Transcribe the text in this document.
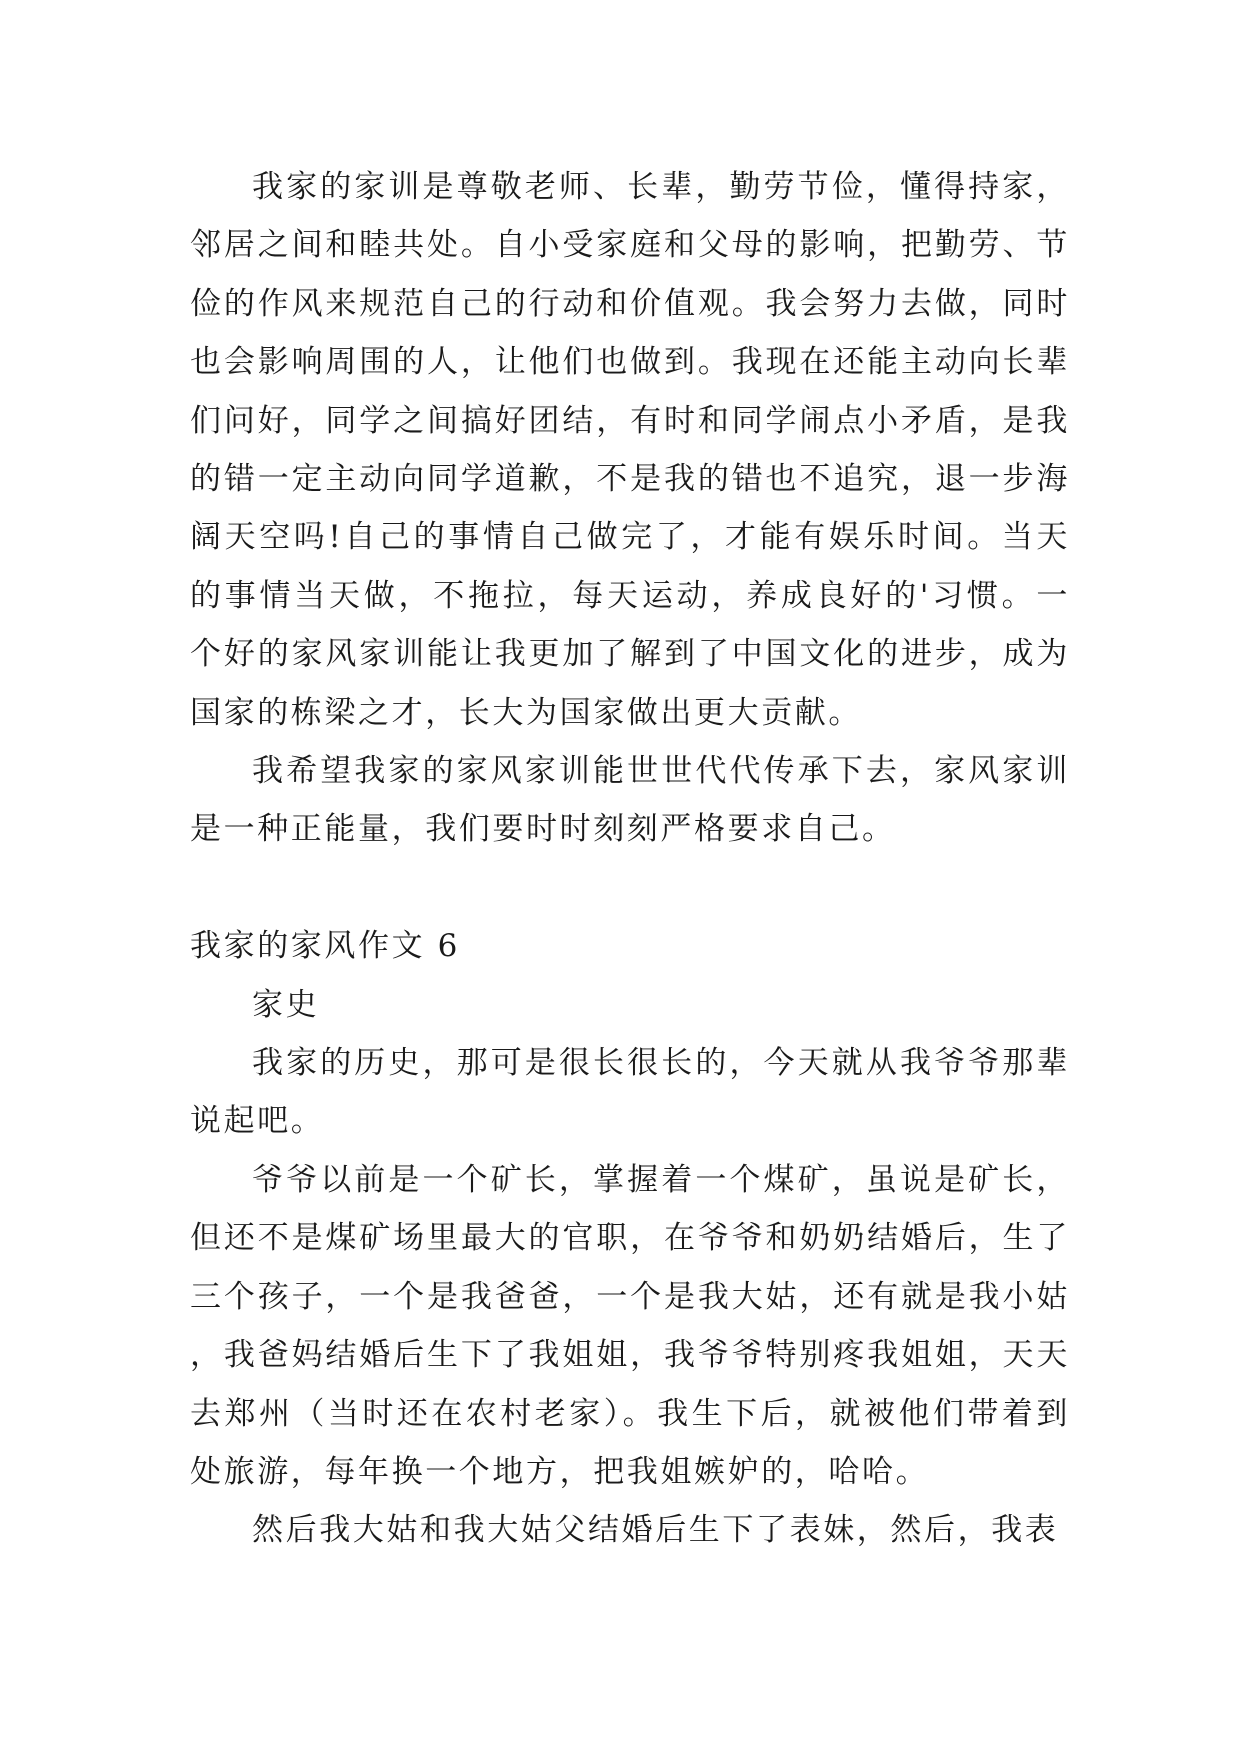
我家的家训是尊敬老师、长辈，勤劳节俭，懂得持家，邻居之间和睦共处。自小受家庭和父母的影响，把勤劳、节俭的作风来规范自己的行动和价值观。我会努力去做，同时也会影响周围的人，让他们也做到。我现在还能主动向长辈们问好，同学之间搞好团结，有时和同学闹点小矛盾，是我的错一定主动向同学道歉，不是我的错也不追究，退一步海阔天空吗!自己的事情自己做完了，才能有娱乐时间。当天的事情当天做，不拖拉，每天运动，养成良好的'习惯。一个好的家风家训能让我更加了解到了中国文化的进步，成为国家的栋梁之才，长大为国家做出更大贡献。

我希望我家的家风家训能世世代代传承下去，家风家训是一种正能量，我们要时时刻刻严格要求自己。

我家的家风作文 6

家史

我家的历史，那可是很长很长的，今天就从我爷爷那辈说起吧。

爷爷以前是一个矿长，掌握着一个煤矿，虽说是矿长，但还不是煤矿场里最大的官职，在爷爷和奶奶结婚后，生了三个孩子，一个是我爸爸，一个是我大姑，还有就是我小姑，我爸妈结婚后生下了我姐姐，我爷爷特别疼我姐姐，天天去郑州（当时还在农村老家）。我生下后，就被他们带着到处旅游，每年换一个地方，把我姐嫉妒的，哈哈。

然后我大姑和我大姑父结婚后生下了表妹，然后，我表
